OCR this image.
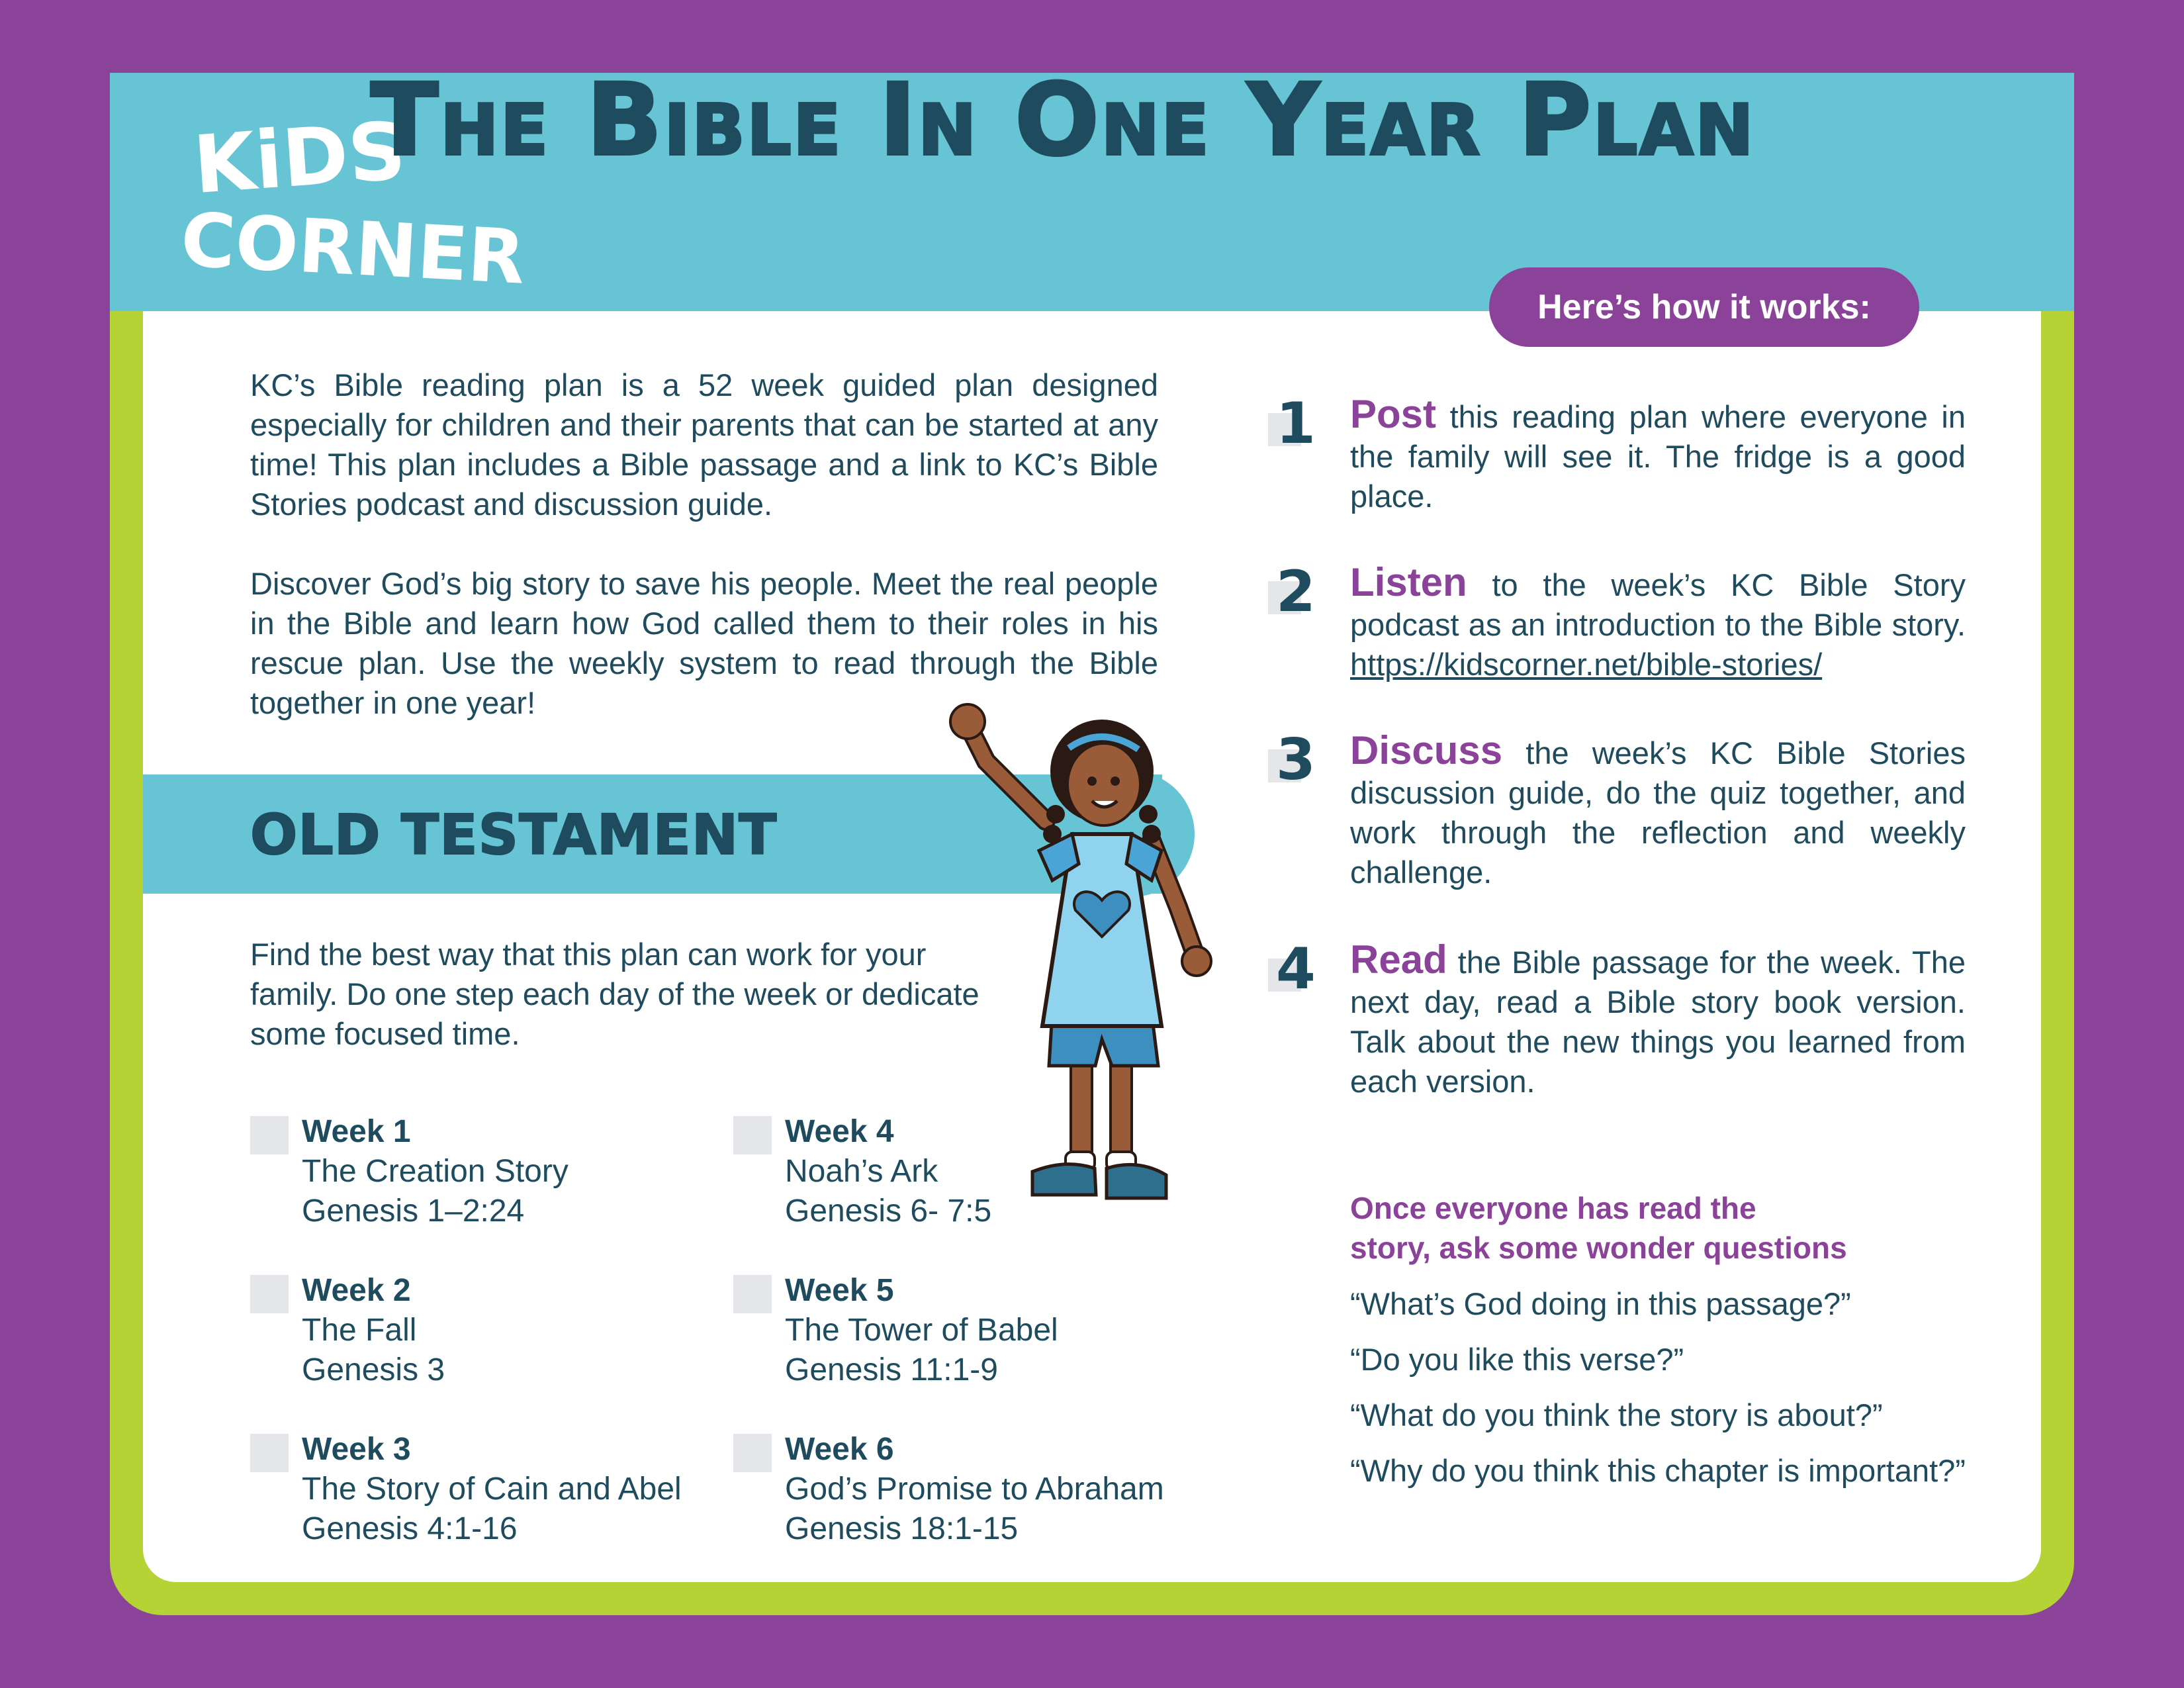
KiDS
CORNER
The Bible In One Year Plan
Here’s how it works:

KC’s Bible reading plan is a 52 week guided plan designed especially for children and their parents that can be started at any time! This plan includes a Bible passage and a link to KC’s Bible Stories podcast and discussion guide.

Discover God’s big story to save his people. Meet the real people in the Bible and learn how God called them to their roles in his rescue plan. Use the weekly system to read through the Bible together in one year!

OLD TESTAMENT

Find the best way that this plan can work for your family. Do one step each day of the week or dedicate some focused time.

Week 1
The Creation Story
Genesis 1–2:24
Week 2
The Fall
Genesis 3
Week 3
The Story of Cain and Abel
Genesis 4:1-16
Week 4
Noah’s Ark
Genesis 6- 7:5
Week 5
The Tower of Babel
Genesis 11:1-9
Week 6
God’s Promise to Abraham
Genesis 18:1-15
1 Post this reading plan where everyone in the family will see it. The fridge is a good place.

2 Listen to the week’s KC Bible Story podcast as an introduction to the Bible story. https://kidscorner.net/bible-stories/

3 Discuss the week’s KC Bible Stories discussion guide, do the quiz together, and work through the reflection and weekly challenge.

4 Read the Bible passage for the week. The next day, read a Bible story book version. Talk about the new things you learned from each version.

Once everyone has read the
story, ask some wonder questions
“What’s God doing in this passage?”
“Do you like this verse?”
“What do you think the story is about?”
“Why do you think this chapter is important?”
